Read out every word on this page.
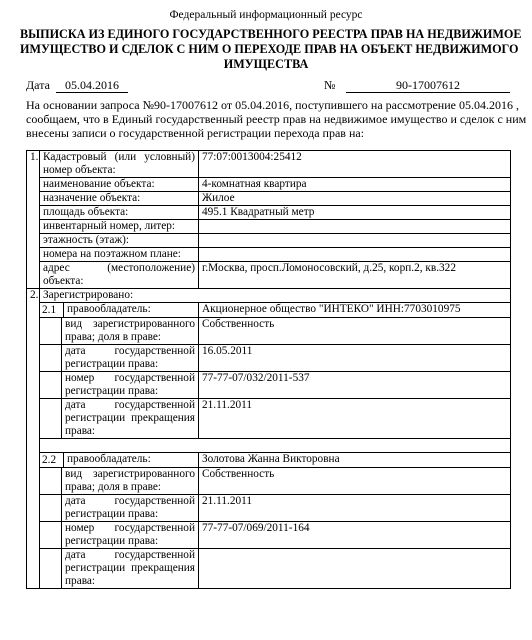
Федеральный информационный ресурс
ВЫПИСКА ИЗ ЕДИНОГО ГОСУДАРСТВЕННОГО РЕЕСТРА ПРАВ НА НЕДВИЖИМОЕ
ИМУЩЕСТВО И СДЕЛОК С НИМ О ПЕРЕХОДЕ ПРАВ НА ОБЪЕКТ НЕДВИЖИМОГО
ИМУЩЕСТВА
Дата	05.04.2016	№	90-17007612
На основании запроса №90-17007612 от 05.04.2016, поступившего на рассмотрение 05.04.2016 ,
сообщаем, что в Единый государственный реестр прав на недвижимое имущество и сделок с ним
внесены записи о государственной регистрации перехода прав на:
1.	Кадастровый (или условный)
номер объекта:
	77:07:0013004:25412

наименование объекта:	4-комнатная квартира

назначение объекта:	Жилое

площадь объекта:	495.1 Квадратный метр

инвентарный номер, литер:

этажность (этаж):

номера на поэтажном плане:

адрес (местоположение)
объекта:
	г.Москва, просп.Ломоносовский, д.25, корп.2, кв.322
2.	Зарегистрировано:

2.1	правообладатель:
		Акционерное общество "ИНТЕКО" ИНН:7703010975

вид зарегистрированного
права; доля в праве:
	Собственность

дата государственной
регистрации права:
	16.05.2011

номер государственной
регистрации права:
	77-77-07/032/2011-537

дата государственной
регистрации прекращения
права:
	21.11.2011

2.2	правообладатель:
		Золотова Жанна Викторовна

вид зарегистрированного
права; доля в праве:
	Собственность

дата государственной
регистрации права:
	21.11.2011

номер государственной
регистрации права:
	77-77-07/069/2011-164

дата государственной
регистрации прекращения
права:
